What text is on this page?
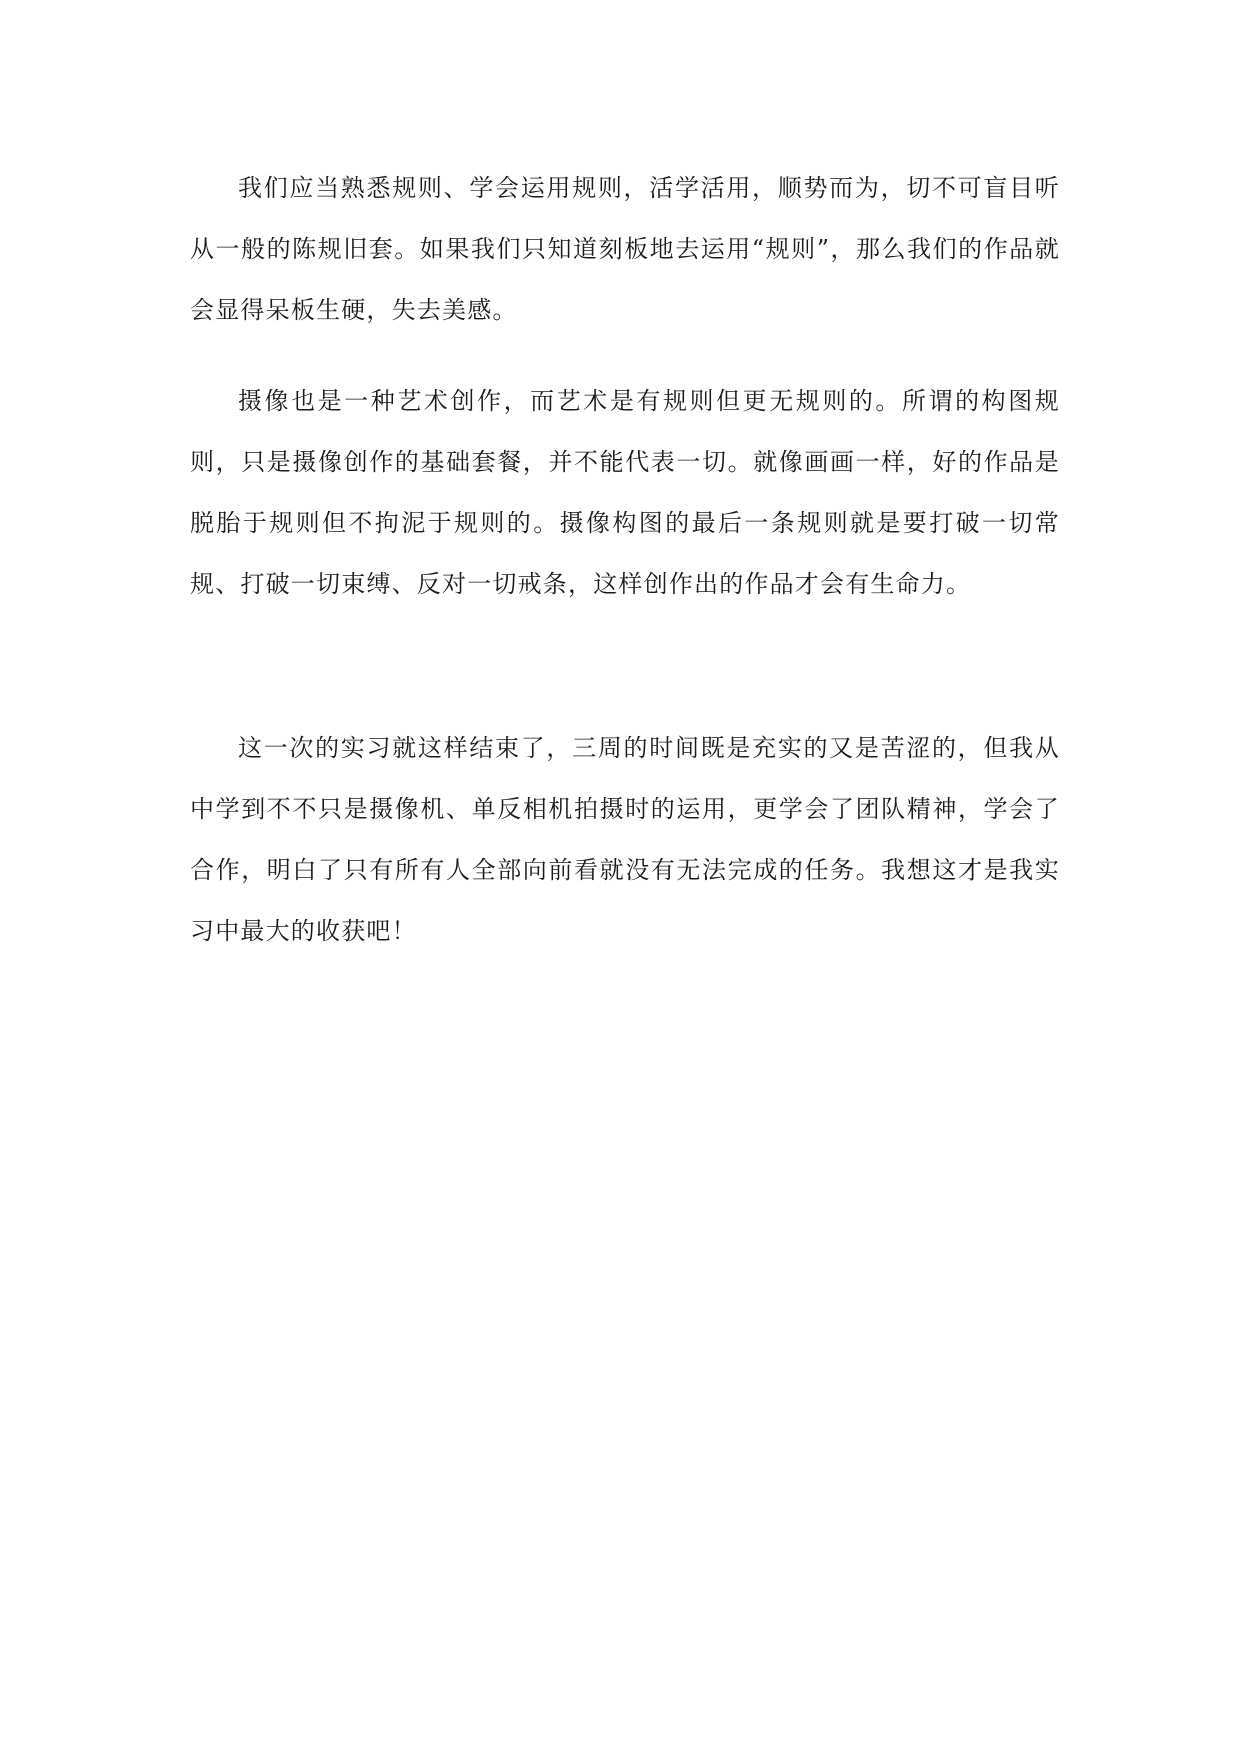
我们应当熟悉规则、学会运用规则，活学活用，顺势而为，切不可盲目听从一般的陈规旧套。如果我们只知道刻板地去运用“规则”，那么我们的作品就会显得呆板生硬，失去美感。

摄像也是一种艺术创作，而艺术是有规则但更无规则的。所谓的构图规则，只是摄像创作的基础套餐，并不能代表一切。就像画画一样，好的作品是脱胎于规则但不拘泥于规则的。摄像构图的最后一条规则就是要打破一切常规、打破一切束缚、反对一切戒条，这样创作出的作品才会有生命力。

这一次的实习就这样结束了，三周的时间既是充实的又是苦涩的，但我从中学到不不只是摄像机、单反相机拍摄时的运用，更学会了团队精神，学会了合作，明白了只有所有人全部向前看就没有无法完成的任务。我想这才是我实习中最大的收获吧！
